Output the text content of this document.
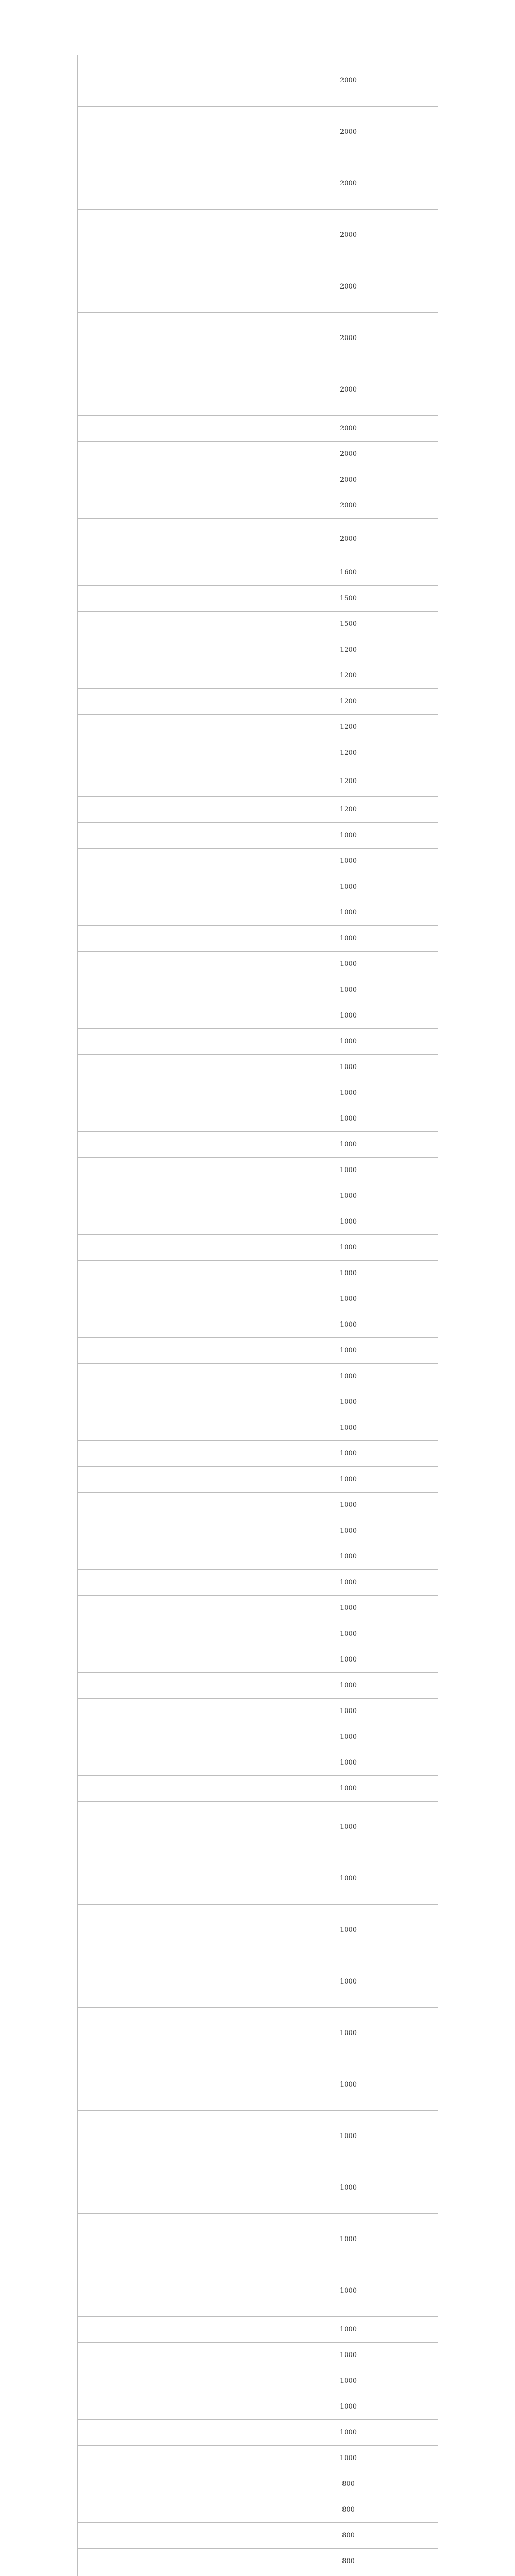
	2000	
	2000	
	2000	
	2000	
	2000	
	2000	
	2000	
	2000	
	2000	
	2000	
	2000	
	2000	
	1600	
	1500	
	1500	
	1200	
	1200	
	1200	
	1200	
	1200	
	1200	
	1200	
	1000	
	1000	
	1000	
	1000	
	1000	
	1000	
	1000	
	1000	
	1000	
	1000	
	1000	
	1000	
	1000	
	1000	
	1000	
	1000	
	1000	
	1000	
	1000	
	1000	
	1000	
	1000	
	1000	
	1000	
	1000	
	1000	
	1000	
	1000	
	1000	
	1000	
	1000	
	1000	
	1000	
	1000	
	1000	
	1000	
	1000	
	1000	
	1000	
	1000	
	1000	
	1000	
	1000	
	1000	
	1000	
	1000	
	1000	
	1000	
	1000	
	1000	
	1000	
	1000	
	1000	
	1000	
	800	
	800	
	800	
	800	
